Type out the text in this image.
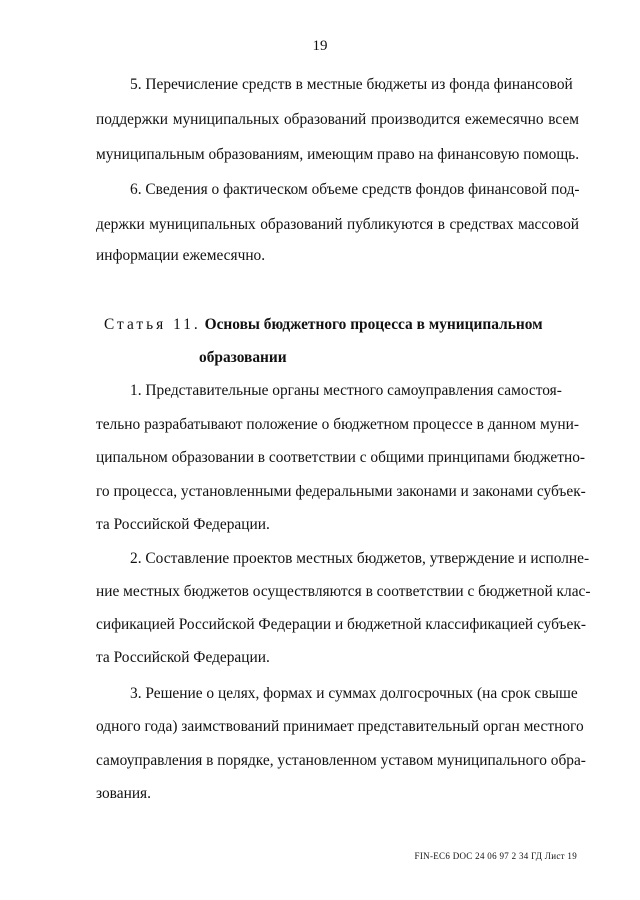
19
5. Перечисление средств в местные бюджеты из фонда финансовой
поддержки муниципальных образований производится ежемесячно всем
муниципальным образованиям, имеющим право на финансовую помощь.
6. Сведения о фактическом объеме средств фондов финансовой под-
держки муниципальных образований публикуются в средствах массовой
информации ежемесячно.
Статья 11. Основы бюджетного процесса в муниципальном
образовании
1. Представительные органы местного самоуправления самостоя-
тельно разрабатывают положение о бюджетном процессе в данном муни-
ципальном образовании в соответствии с общими принципами бюджетно-
го процесса, установленными федеральными законами и законами субъек-
та Российской Федерации.
2. Составление проектов местных бюджетов, утверждение и исполне-
ние местных бюджетов осуществляются в соответствии с бюджетной клас-
сификацией Российской Федерации и бюджетной классификацией субъек-
та Российской Федерации.
3. Решение о целях, формах и суммах долгосрочных (на срок свыше
одного года) заимствований принимает представительный орган местного
самоуправления в порядке, установленном уставом муниципального обра-
зования.
FIN-EC6 DOC 24 06 97 2 34 ГД Лист 19
